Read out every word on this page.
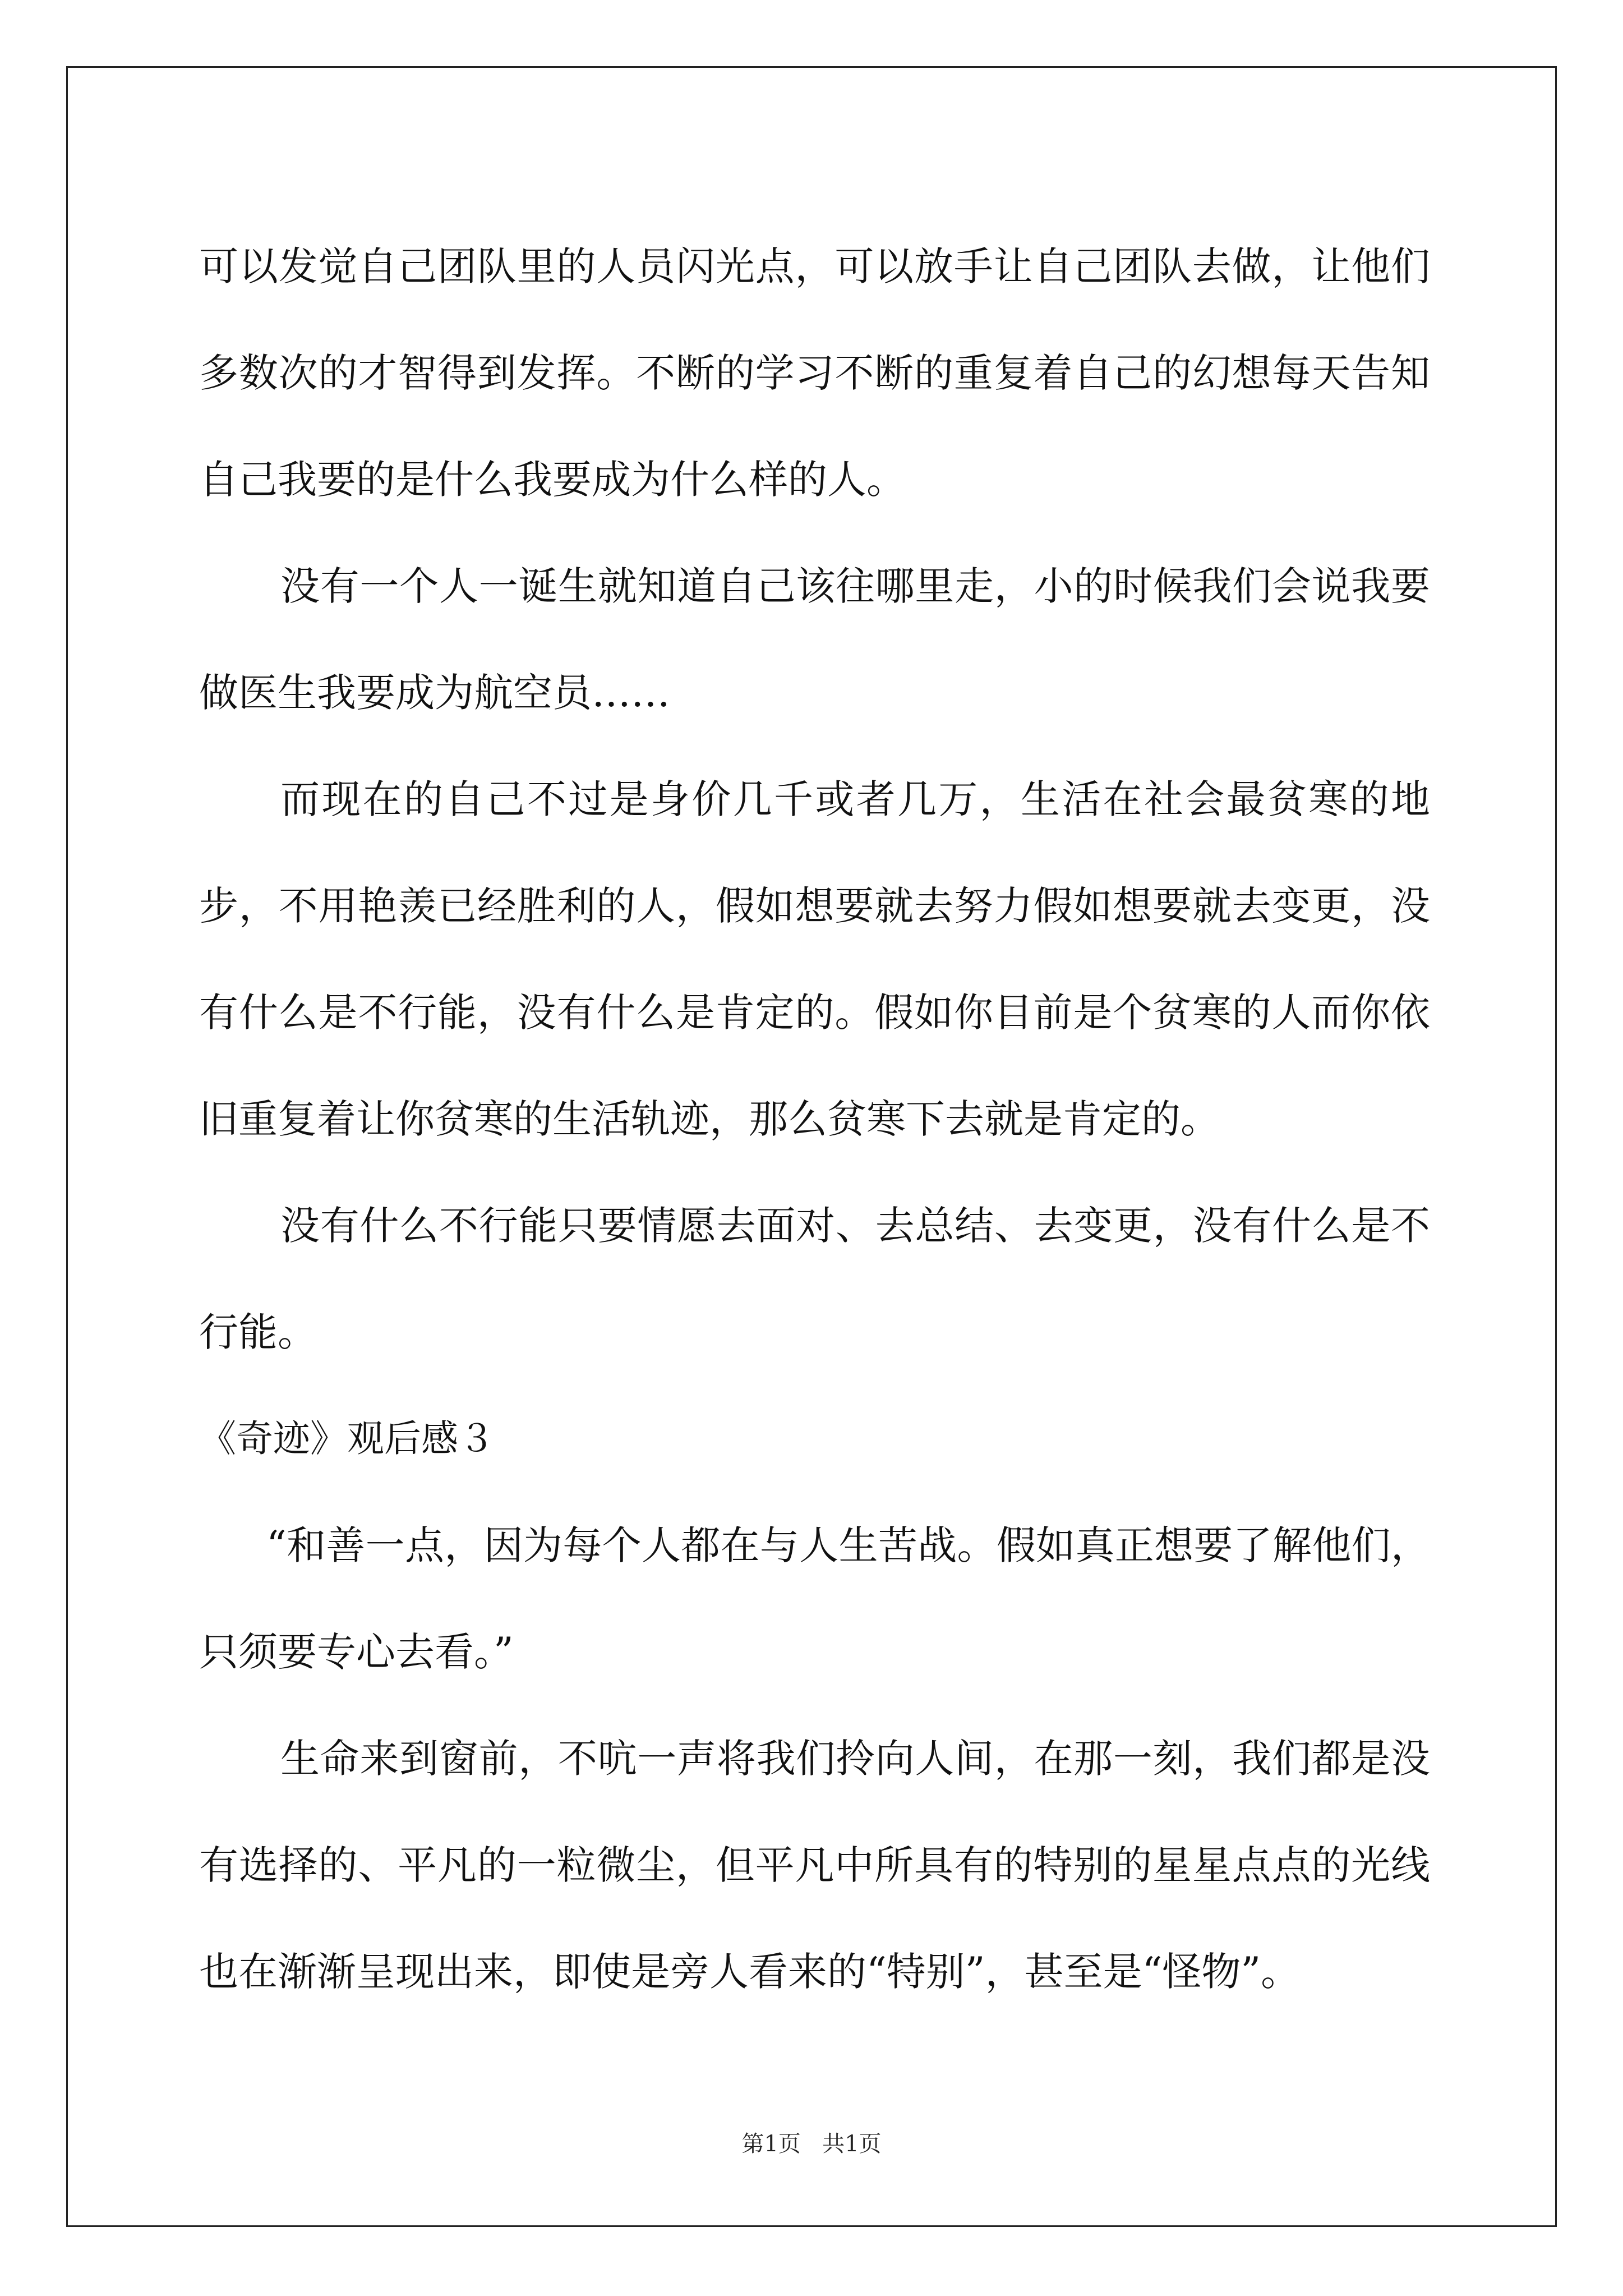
可以发觉自己团队里的人员闪光点，可以放手让自己团队去做，让他们多数次的才智得到发挥。不断的学习不断的重复着自己的幻想每天告知自己我要的是什么我要成为什么样的人。

没有一个人一诞生就知道自己该往哪里走，小的时候我们会说我要做医生我要成为航空员……

而现在的自己不过是身价几千或者几万，生活在社会最贫寒的地步，不用艳羡已经胜利的人，假如想要就去努力假如想要就去变更，没有什么是不行能，没有什么是肯定的。假如你目前是个贫寒的人而你依旧重复着让你贫寒的生活轨迹，那么贫寒下去就是肯定的。

没有什么不行能只要情愿去面对、去总结、去变更，没有什么是不行能。

《奇迹》观后感３

“和善一点，因为每个人都在与人生苦战。假如真正想要了解他们，只须要专心去看。”

生命来到窗前，不吭一声将我们拎向人间，在那一刻，我们都是没有选择的、平凡的一粒微尘，但平凡中所具有的特别的星星点点的光线也在渐渐呈现出来，即使是旁人看来的“特别”，甚至是“怪物”。

第1页 共1页
